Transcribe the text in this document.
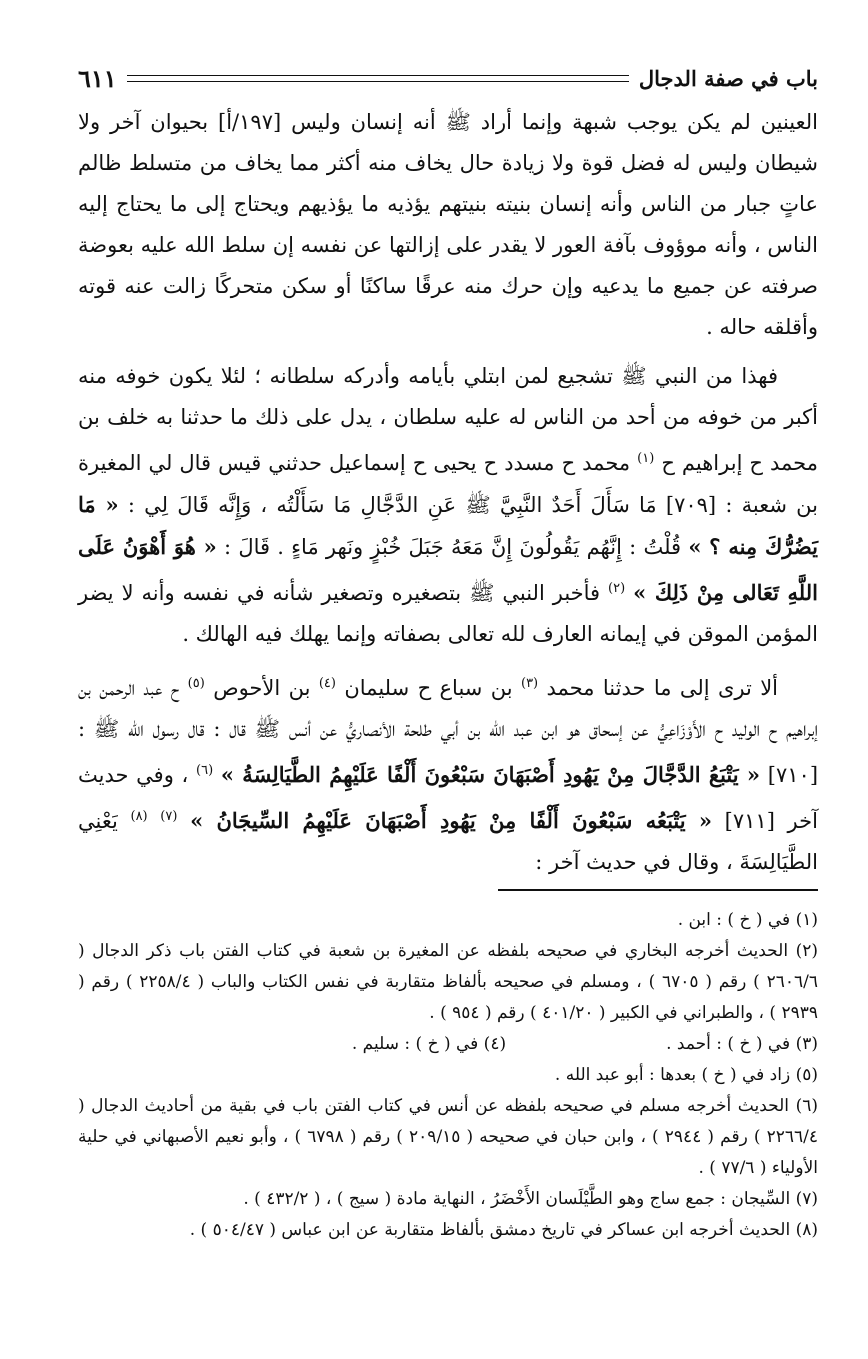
باب في صفة الدجال
٦١١

العينين لم يكن يوجب شبهة وإنما أراد ﷺ أنه إنسان وليس [١٩٧/أ] بحيوان آخر ولا شيطان وليس له فضل قوة ولا زيادة حال يخاف منه أكثر مما يخاف من متسلط ظالم عاتٍ جبار من الناس وأنه إنسان بنيته بنيتهم يؤذيه ما يؤذيهم ويحتاج إلى ما يحتاج إليه الناس ، وأنه موؤوف بآفة العور لا يقدر على إزالتها عن نفسه إن سلط الله عليه بعوضة صرفته عن جميع ما يدعيه وإن حرك منه عرقًا ساكنًا أو سكن متحركًا زالت عنه قوته وأقلقه حاله .

فهذا من النبي ﷺ تشجيع لمن ابتلي بأيامه وأدركه سلطانه ؛ لئلا يكون خوفه منه أكبر من خوفه من أحد من الناس له عليه سلطان ، يدل على ذلك ما حدثنا به خلف بن محمد ح إبراهيم ح $^{(١)}$ محمد ح مسدد ح يحيى ح إسماعيل حدثني قيس قال لي المغيرة بن شعبة : [٧٠٩] مَا سَأَلَ أَحَدٌ النَّبِيَّ ﷺ عَنِ الدَّجَّالِ مَا سَأَلْتُه ، وَإِنَّه قَالَ لِي : « مَا يَضُرُّكَ مِنه ؟ » قُلْتُ : إِنَّهُم يَقُولُونَ إِنَّ مَعَهُ جَبَلَ خُبْزٍ ونَهر مَاءٍ . قَالَ : « هُوَ أَهْوَنُ عَلَى اللَّهِ تَعَالى مِنْ ذَلِكَ » $^{(٢)}$ فأخبر النبي ﷺ بتصغيره وتصغير شأنه في نفسه وأنه لا يضر المؤمن الموقن في إيمانه العارف لله تعالى بصفاته وإنما يهلك فيه الهالك .

ألا ترى إلى ما حدثنا محمد $^{(٣)}$ بن سباع ح سليمان $^{(٤)}$ بن الأحوص $^{(٥)}$ ح عبد الرحمن بن إبراهيم ح الوليد ح الأَوْزَاعِيُّ عن إسحاق هو ابن عبد الله بن أبي طلحة الأنصاريُّ عن أنس ﷺ قال : قال رسول الله ﷺ : [٧١٠] « يَتْبَعُ الدَّجَّالَ مِنْ يَهُودِ أَصْبَهَانَ سَبْعُونَ أَلْفًا عَلَيْهِمُ الطَّيَالِسَةُ » $^{(٦)}$ ، وفي حديث آخر [٧١١] « يَتْبَعُه سَبْعُونَ أَلْفًا مِنْ يَهُودِ أَصْبَهَانَ عَلَيْهِمُ السِّيجَانُ » $^{(٧)}$ $^{(٨)}$ يَعْنِي الطَّيَالِسَةَ ، وقال في حديث آخر :

(١) في ( خ ) : ابن .

(٢) الحديث أخرجه البخاري في صحيحه بلفظه عن المغيرة بن شعبة في كتاب الفتن باب ذكر الدجال ( ٢٦٠٦/٦ ) رقم ( ٦٧٠٥ ) ، ومسلم في صحيحه بألفاظ متقاربة في نفس الكتاب والباب ( ٢٢٥٨/٤ ) رقم ( ٢٩٣٩ ) ، والطبراني في الكبير ( ٤٠١/٢٠ ) رقم ( ٩٥٤ ) .

(٣) في ( خ ) : أحمد .

(٤) في ( خ ) : سليم .

(٥) زاد في ( خ ) بعدها : أبو عبد الله .

(٦) الحديث أخرجه مسلم في صحيحه بلفظه عن أنس في كتاب الفتن باب في بقية من أحاديث الدجال ( ٢٢٦٦/٤ ) رقم ( ٢٩٤٤ ) ، وابن حبان في صحيحه ( ٢٠٩/١٥ ) رقم ( ٦٧٩٨ ) ، وأبو نعيم الأصبهاني في حلية الأولياء ( ٧٧/٦ ) .

(٧) السِّيجان : جمع ساج وهو الطَّيْلَسان الأَخْضَرُ ، النهاية مادة ( سيج ) ، ( ٤٣٢/٢ ) .

(٨) الحديث أخرجه ابن عساكر في تاريخ دمشق بألفاظ متقاربة عن ابن عباس ( ٥٠٤/٤٧ ) .
